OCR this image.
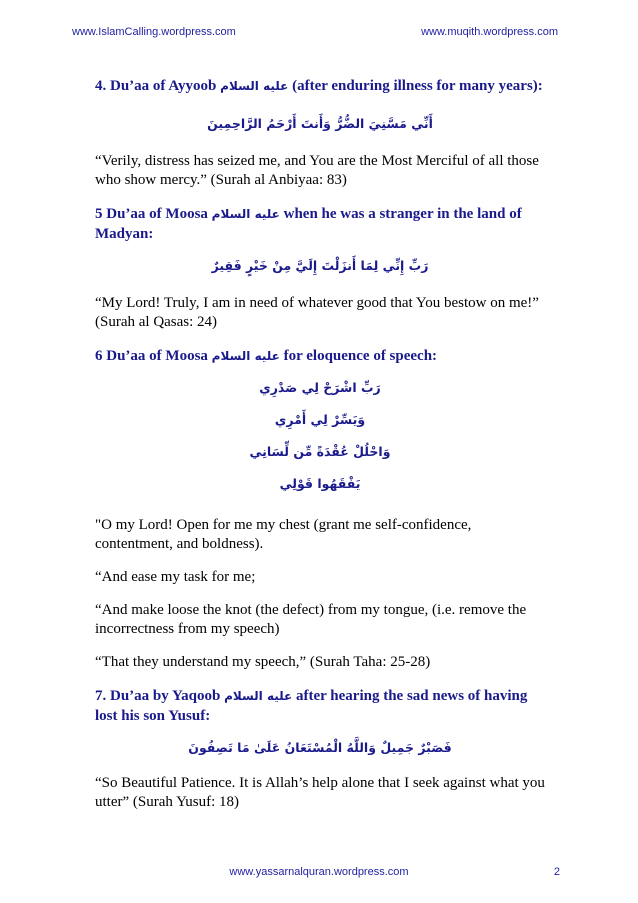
www.IslamCalling.wordpress.com	www.muqith.wordpress.com

4. Du’aa of Ayyoob عليه السلام (after enduring illness for many years):

أَنِّي مَسَّنِيَ الضُّرُّ وَأَنتَ أَرْحَمُ الرَّاحِمِينَ

“Verily, distress has seized me, and You are the Most Merciful of all those who show mercy.” (Surah al Anbiyaa: 83)

5 Du’aa of Moosa عليه السلام when he was a stranger in the land of Madyan:

رَبِّ إِنِّي لِمَا أَنزَلْتَ إِلَيَّ مِنْ خَيْرٍ فَقِيرٌ

“My Lord! Truly, I am in need of whatever good that You bestow on me!” (Surah al Qasas: 24)

6 Du’aa of Moosa عليه السلام for eloquence of speech:

رَبِّ اشْرَحْ لِي صَدْرِي

وَيَسِّرْ لِي أَمْرِي

وَاحْلُلْ عُقْدَةً مِّن لِّسَانِي

يَفْقَهُوا قَوْلِي

"O my Lord! Open for me my chest (grant me self-confidence, contentment, and boldness).

“And ease my task for me;

“And make loose the knot (the defect) from my tongue, (i.e. remove the incorrectness from my speech)

“That they understand my speech,” (Surah Taha: 25-28)

7. Du’aa by Yaqoob عليه السلام after hearing the sad news of having lost his son Yusuf:

فَصَبْرٌ جَمِيلٌ وَاللَّهُ الْمُسْتَعَانُ عَلَىٰ مَا تَصِفُونَ

“So Beautiful Patience. It is Allah’s help alone that I seek against what you utter” (Surah Yusuf: 18)

www.yassarnalquran.wordpress.com	2
